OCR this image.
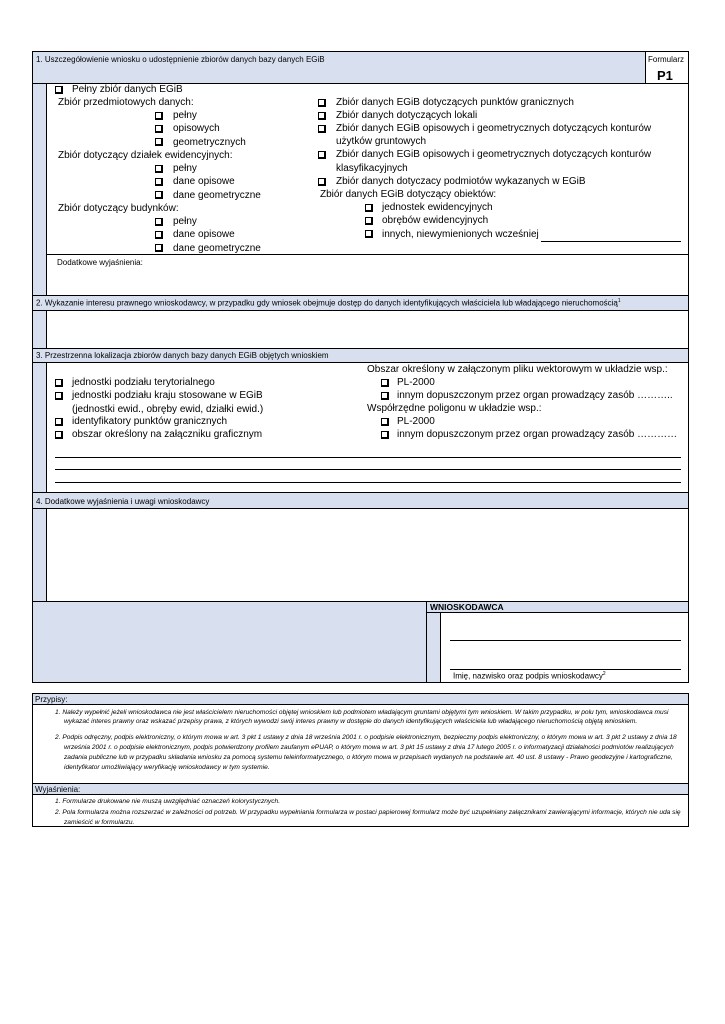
1. Uszczegółowienie wniosku o udostępnienie zbiorów danych bazy danych EGiB	Formularz
P1
Pełny zbiór danych EGiB
Zbiór przedmiotowych danych:
pełny
opisowych
geometrycznych
Zbiór dotyczący działek ewidencyjnych:
pełny
dane opisowe
dane geometryczne
Zbiór dotyczący budynków:
pełny
dane opisowe
dane geometryczne
Zbiór danych EGiB dotyczących punktów granicznych
Zbiór danych dotyczących lokali
Zbiór danych EGiB opisowych i geometrycznych dotyczących konturów
użytków gruntowych
Zbiór danych EGiB opisowych i geometrycznych dotyczących konturów
klasyfikacyjnych
Zbiór danych dotyczacy podmiotów wykazanych w EGiB
Zbiór danych EGiB dotyczący obiektów:
jednostek ewidencyjnych
obrębów ewidencyjnych
innych, niewymienionych wcześniej
Dodatkowe wyjaśnienia:
2. Wykazanie interesu prawnego wnioskodawcy, w przypadku gdy wniosek obejmuje dostęp do danych identyfikujących właściciela lub władającego nieruchomością$^1$
3. Przestrzenna lokalizacja zbiorów danych bazy danych EGiB objętych wnioskiem
jednostki podziału terytorialnego
jednostki podziału kraju stosowane w EGiB
(jednostki ewid., obręby ewid, działki ewid.)
identyfikatory punktów granicznych
obszar określony na załączniku graficznym
Obszar określony w załączonym pliku wektorowym w układzie wsp.:
PL-2000
innym dopuszczonym przez organ prowadzący zasób ………..
Współrzędne poligonu w układzie wsp.:
PL-2000
innym dopuszczonym przez organ prowadzący zasób …………
4. Dodatkowe wyjaśnienia i uwagi wnioskodawcy
WNIOSKODAWCA
Imię, nazwisko oraz podpis wnioskodawcy$^2$
Przypisy:
1. Należy wypełnić jeżeli wnioskodawca nie jest właścicielem nieruchomości objętej wnioskiem lub podmiotem władającym gruntami objętymi tym wnioskiem. W takim przypadku, w polu tym, wnioskodawca musi
wykazać interes prawny oraz wskazać przepisy prawa, z których wywodzi swój interes prawny w dostępie do danych identyfikujących właściciela lub władającego nieruchomością objętą wnioskiem.
2. Podpis odręczny, podpis elektroniczny, o którym mowa w art. 3 pkt 1 ustawy z dnia 18 września 2001 r. o podpisie elektronicznym, bezpieczny podpis elektroniczny, o którym mowa w art. 3 pkt 2 ustawy z dnia 18
września 2001 r. o podpisie elektronicznym, podpis potwierdzony profilem zaufanym ePUAP, o którym mowa w art. 3 pkt 15 ustawy z dnia 17 lutego 2005 r. o informatyzacji działalności podmiotów realizujących
zadania publiczne lub w przypadku składania wniosku za pomocą systemu teleinformatycznego, o którym mowa w przepisach wydanych na podstawie art. 40 ust. 8 ustawy - Prawo geodezyjne i kartograficzne,
identyfikator umożliwiający weryfikację wnioskodawcy w tym systemie.
Wyjaśnienia:
1. Formularze drukowane nie muszą uwzględniać oznaczeń kolorystycznych.
2. Pola formularza można rozszerzać w zależności od potrzeb. W przypadku wypełniania formularza w postaci papierowej formularz może być uzupełniany załącznikami zawierającymi informacje, których nie uda się
zamieścić w formularzu.
